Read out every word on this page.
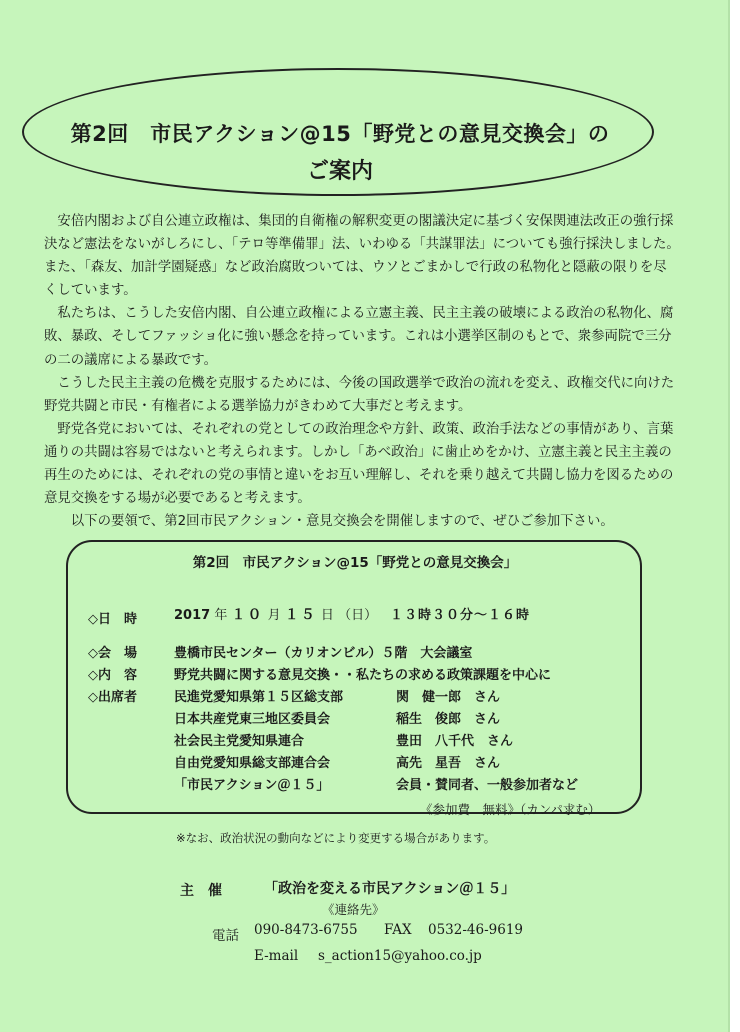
第2回　市民アクション@15「野党との意見交換会」の
ご案内

安倍内閣および自公連立政権は、集団的自衛権の解釈変更の閣議決定に基づく安保関連法改正の強行採決など憲法をないがしろにし、「テロ等準備罪」法、いわゆる「共謀罪法」についても強行採決しました。また、「森友、加計学園疑惑」など政治腐敗ついては、ウソとごまかしで行政の私物化と隠蔽の限りを尽くしています。

私たちは、こうした安倍内閣、自公連立政権による立憲主義、民主主義の破壊による政治の私物化、腐敗、暴政、そしてファッショ化に強い懸念を持っています。これは小選挙区制のもとで、衆参両院で三分の二の議席による暴政です。

こうした民主主義の危機を克服するためには、今後の国政選挙で政治の流れを変え、政権交代に向けた野党共闘と市民・有権者による選挙協力がきわめて大事だと考えます。

野党各党においては、それぞれの党としての政治理念や方針、政策、政治手法などの事情があり、言葉通りの共闘は容易ではないと考えられます。しかし「あべ政治」に歯止めをかけ、立憲主義と民主主義の再生のためには、それぞれの党の事情と違いをお互い理解し、それを乗り越えて共闘し協力を図るための意見交換をする場が必要であると考えます。

以下の要領で、第2回市民アクション・意見交換会を開催しますので、ぜひご参加下さい。

第2回　市民アクション@15「野党との意見交換会」
◇日　時	2017 年 １０ 月 １５ 日 （日） １３時３０分～１６時
◇会　場	豊橋市民センター（カリオンビル）５階　大会議室
◇内　容	野党共闘に関する意見交換・・私たちの求める政策課題を中心に
◇出席者	民進党愛知県第１５区総支部	関　健一郎　さん
日本共産党東三地区委員会	稲生　俊郎　さん
社会民主党愛知県連合	豊田　八千代　さん
自由党愛知県総支部連合会	高先　星吾　さん
「市民アクション＠１５」	会員・賛同者、一般参加者など
《参加費　無料》（カンパ求む）
※なお、政治状況の動向などにより変更する場合があります。
主　催	「政治を変える市民アクション＠１５」
《連絡先》
電話 090-8473-6755 FAX 0532-46-9619
E-mail s_action15@yahoo.co.jp
